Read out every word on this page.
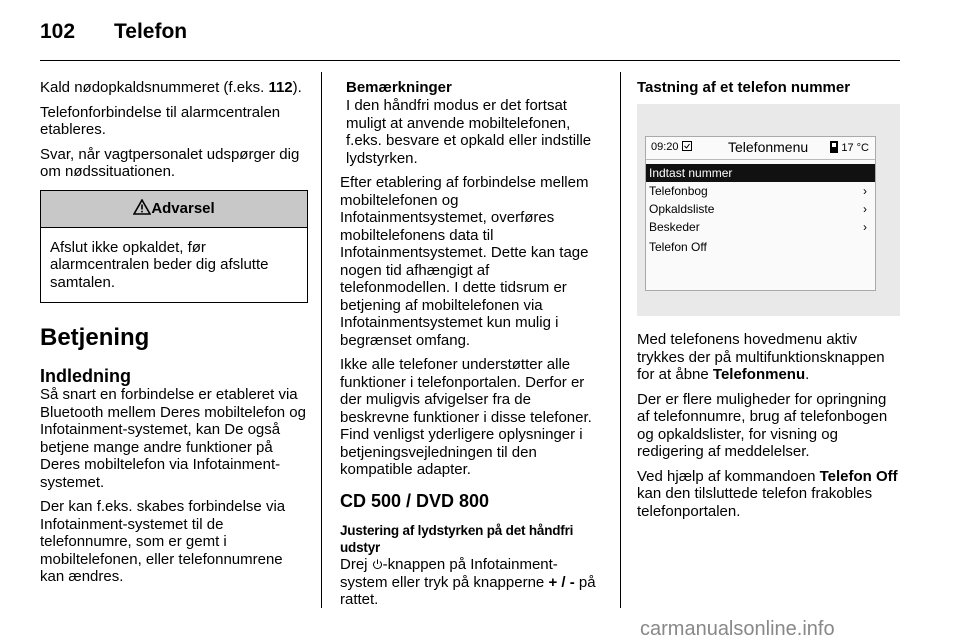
102 Telefon

Kald nødopkaldsnummeret (f.eks. 112).

Telefonforbindelse til alarmcentralen etableres.

Svar, når vagtpersonalet udspørger dig om nødssituationen.

Advarsel
Afslut ikke opkaldet, før alarmcentralen beder dig afslutte samtalen.
Betjening
Indledning

Så snart en forbindelse er etableret via Bluetooth mellem Deres mobiltelefon og Infotainment-systemet, kan De også betjene mange andre funktioner på Deres mobiltelefon via Infotainment-systemet.

Der kan f.eks. skabes forbindelse via Infotainment-systemet til de telefonnumre, som er gemt i mobiltelefonen, eller telefonnumrene kan ændres.

Bemærkninger
I den håndfri modus er det fortsat muligt at anvende mobiltelefonen, f.eks. besvare et opkald eller indstille lydstyrken.

Efter etablering af forbindelse mellem mobiltelefonen og Infotainmentsystemet, overføres mobiltelefonens data til Infotainmentsystemet. Dette kan tage nogen tid afhængigt af telefonmodellen. I dette tidsrum er betjening af mobiltelefonen via Infotainmentsystemet kun mulig i begrænset omfang.

Ikke alle telefoner understøtter alle funktioner i telefonportalen. Derfor er der muligvis afvigelser fra de beskrevne funktioner i disse telefoner. Find venligst yderligere oplysninger i betjeningsvejledningen til den kompatible adapter.

CD 500 / DVD 800
Justering af lydstyrken på det håndfri udstyr

Drej -knappen på Infotainment-system eller tryk på knapperne + / - på rattet.

Tastning af et telefon nummer
09:20	Telefonmenu	17 °C
Indtast nummer
Telefonbog	›
Opkaldsliste	›
Beskeder	›
Telefon Off

Med telefonens hovedmenu aktiv trykkes der på multifunktionsknappen for at åbne Telefonmenu.

Der er flere muligheder for opringning af telefonnumre, brug af telefonbogen og opkaldslister, for visning og redigering af meddelelser.

Ved hjælp af kommandoen Telefon Off kan den tilsluttede telefon frakobles telefonportalen.

carmanualsonline.info
